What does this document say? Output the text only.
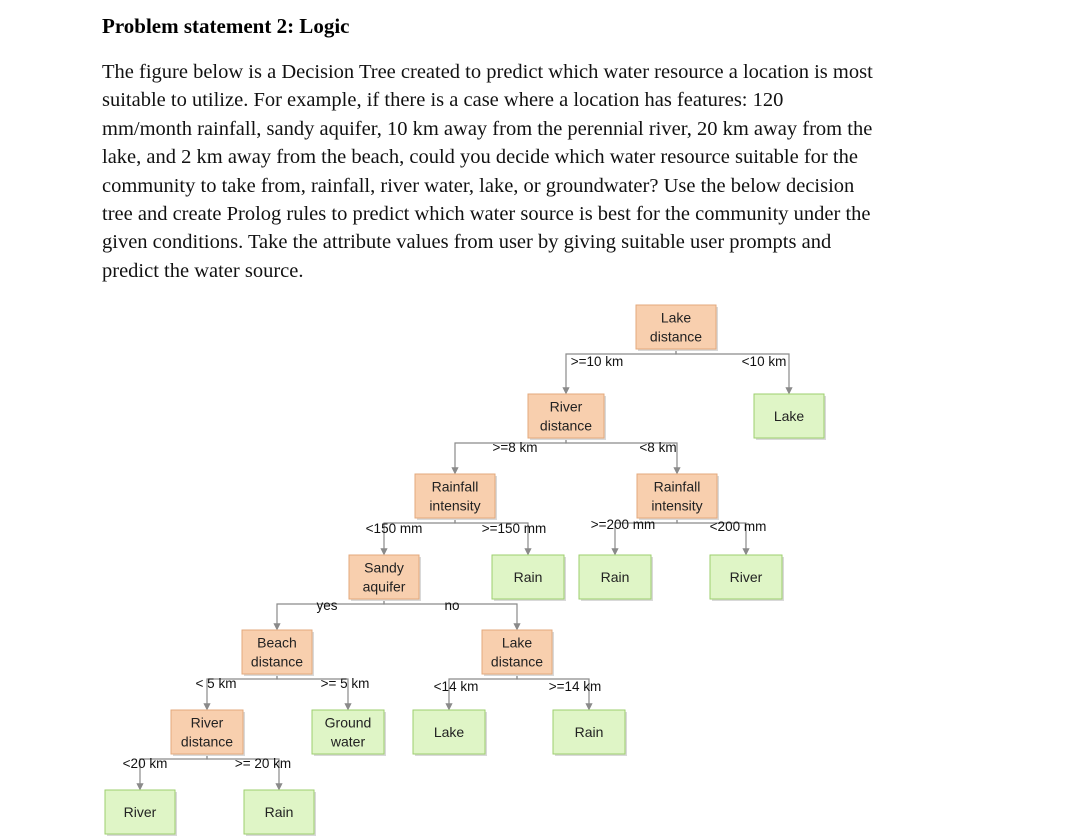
Problem statement 2: Logic
The figure below is a Decision Tree created to predict which water resource a location is most
suitable to utilize. For example, if there is a case where a location has features: 120
mm/month rainfall, sandy aquifer, 10 km away from the perennial river, 20 km away from the
lake, and 2 km away from the beach, could you decide which water resource suitable for the
community to take from, rainfall, river water, lake, or groundwater? Use the below decision
tree and create Prolog rules to predict which water source is best for the community under the
given conditions. Take the attribute values from user by giving suitable user prompts and
predict the water source.
Lake
distance
River
distance
Lake
Rainfall
intensity
Rainfall
intensity
Sandy
aquifer
Rain	Rain	River
Beach
distance
Lake
distance
River
distance
Ground
water
Lake	Rain
River	Rain
>=10 km	<10 km
>=8 km	<8 km
<150 mm	>=150 mm	>=200 mm	<200 mm
yes	no
< 5 km	>= 5 km	<14 km	>=14 km
<20 km	>= 20 km
